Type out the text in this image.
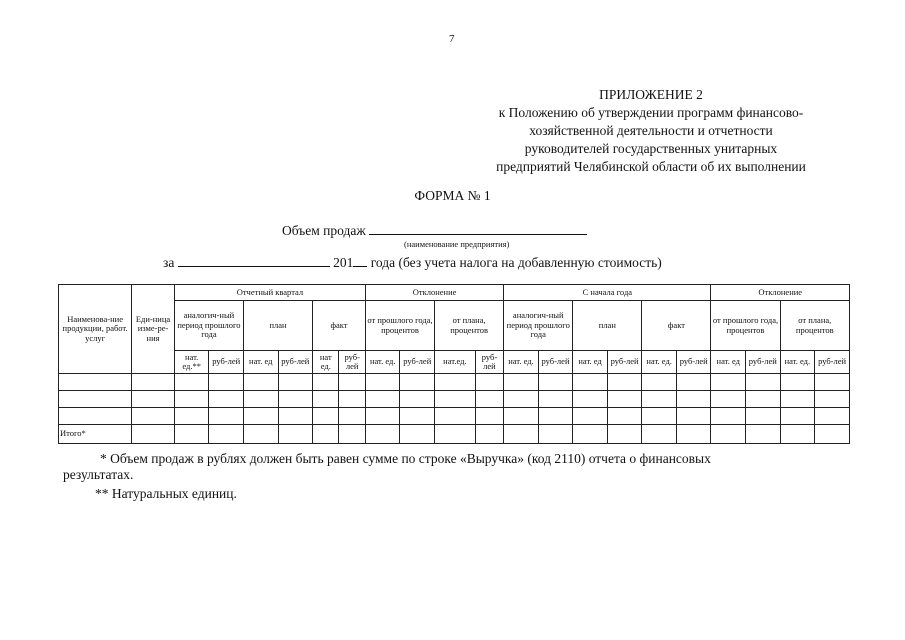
7
ПРИЛОЖЕНИЕ 2
к Положению об утверждении программ финансово-
хозяйственной деятельности и отчетности
руководителей государственных унитарных
предприятий Челябинской области об их выполнении
ФОРМА № 1
Объем продаж
(наименование предприятия)
за	201 года (без учета налога на добавленную стоимость)
Наименова-ние продукции, работ. услуг	Еди-ница изме-ре-ния	Отчетный квартал						Отклонение				С начала года						Отклонение			
		аналогич-ный период прошлого года		план		факт		от прошлого года, процентов		от плана, процентов		аналогич-ный период прошлого года		план		факт		от прошлого года, процентов		от плана, процентов	
		нат. ед.**	руб-лей	нат. ед	руб-лей	нат ед.	руб-лей	нат. ед.	руб-лей	нат.ед.	руб-лей	нат. ед.	руб-лей	нат. ед	руб-лей	нат. ед.	руб-лей	нат. ед	руб-лей	нат. ед.	руб-лей

Итого*																					
* Объем продаж в рублях должен быть равен сумме по строке «Выручка» (код 2110) отчета о финансовых
результатах.
** Натуральных единиц.
